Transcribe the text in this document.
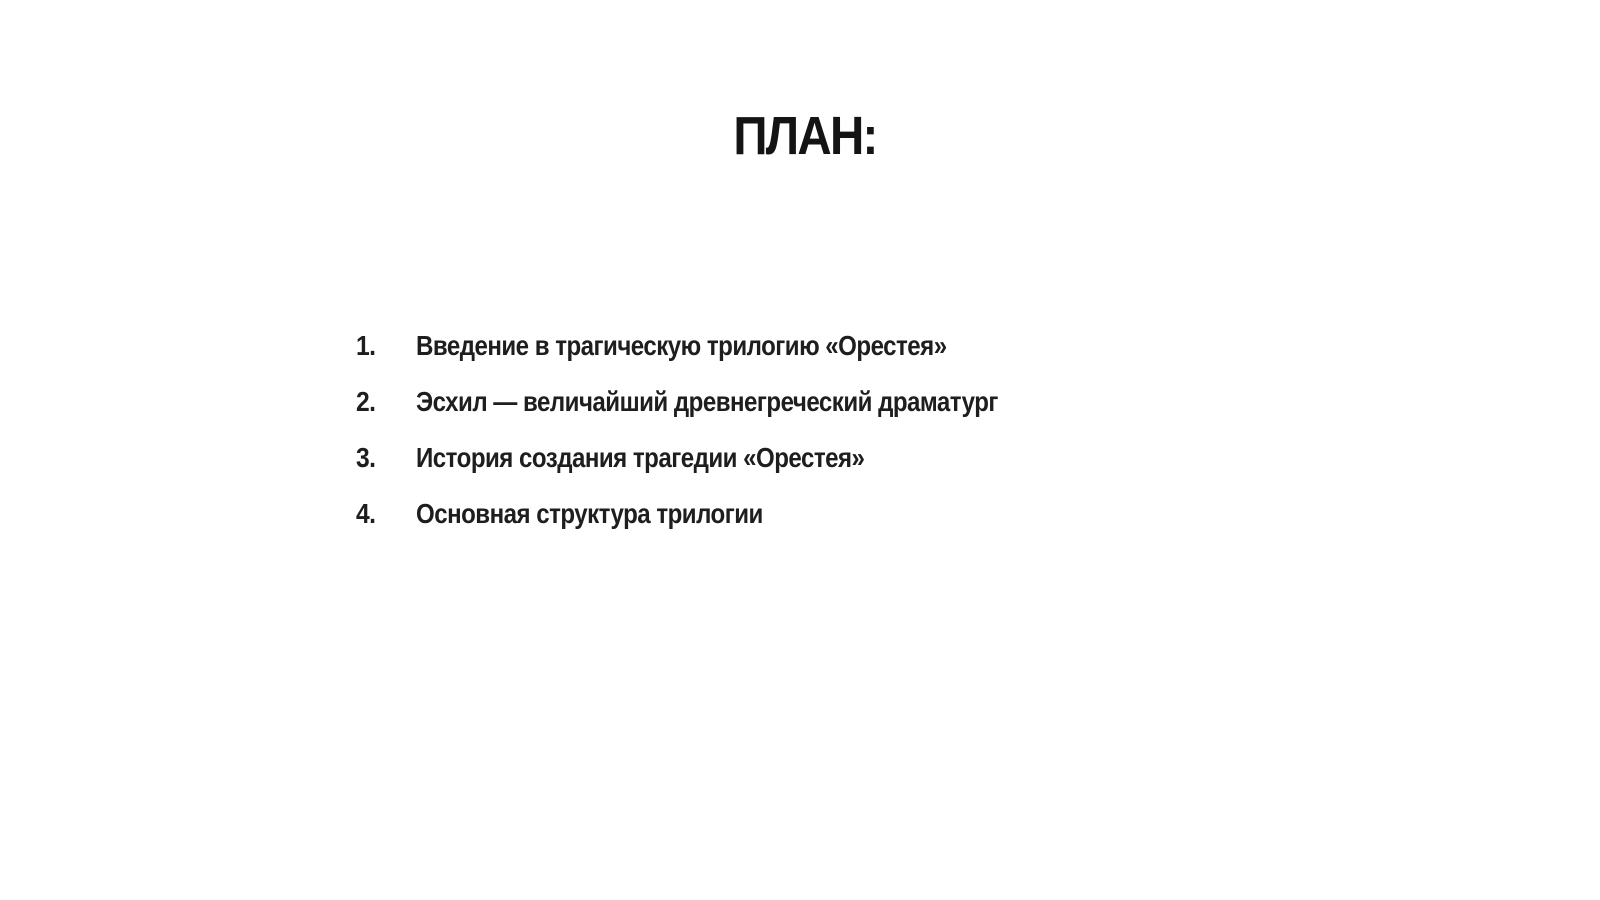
ПЛАН:
1.	Введение в трагическую трилогию «Орестея»
2.	Эсхил — величайший древнегреческий драматург
3.	История создания трагедии «Орестея»
4.	Основная структура трилогии
